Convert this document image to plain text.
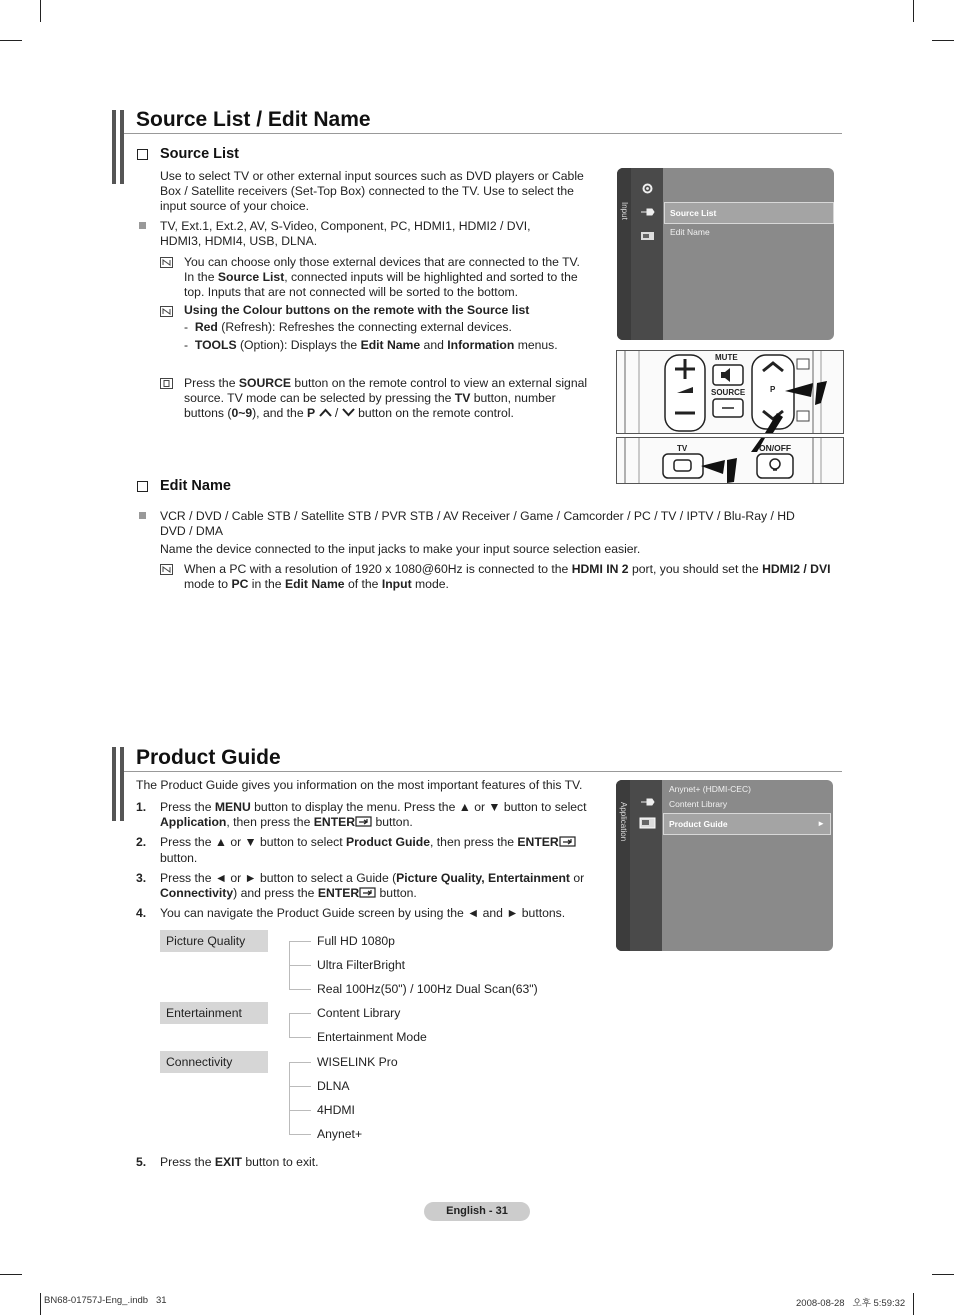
Source List / Edit Name
Source List
Use to select TV or other external input sources such as DVD players or Cable Box / Satellite receivers (Set-Top Box) connected to the TV. Use to select the input source of your choice.
TV, Ext.1, Ext.2, AV, S-Video, Component, PC, HDMI1, HDMI2 / DVI,
HDMI3, HDMI4, USB, DLNA.
You can choose only those external devices that are connected to the TV.
In the Source List, connected inputs will be highlighted and sorted to the
top. Inputs that are not connected will be sorted to the bottom.
Using the Colour buttons on the remote with the Source list
-  Red (Refresh): Refreshes the connecting external devices.
-  TOOLS (Option): Displays the Edit Name and Information menus.
Press the SOURCE button on the remote control to view an external signal
source. TV mode can be selected by pressing the TV button, number
buttons (0~9), and the P  /  button on the remote control.
Input	Source List
Edit Name
MUTE
SOURCE	P
TV	ON/OFF
Edit Name
VCR / DVD / Cable STB / Satellite STB / PVR STB / AV Receiver / Game / Camcorder / PC / TV / IPTV / Blu-Ray / HD
DVD / DMA
Name the device connected to the input jacks to make your input source selection easier.
When a PC with a resolution of 1920 x 1080@60Hz is connected to the HDMI IN 2 port, you should set the HDMI2 / DVI
mode to PC in the Edit Name of the Input mode.
Product Guide
The Product Guide gives you information on the most important features of this TV.
1. Press the MENU button to display the menu. Press the ▲ or ▼ button to select
Application, then press the ENTER button.
2. Press the ▲ or ▼ button to select Product Guide, then press the ENTER
button.
3. Press the ◄ or ► button to select a Guide (Picture Quality, Entertainment or
Connectivity) and press the ENTER button.
4. You can navigate the Product Guide screen by using the ◄ and ► buttons.
Application
Anynet+ (HDMI-CEC)
Content Library
Product Guide	►
Picture Quality	Full HD 1080p
Ultra FilterBright
Real 100Hz(50") / 100Hz Dual Scan(63")
Entertainment	Content Library
Entertainment Mode
Connectivity	WISELINK Pro
DLNA
4HDMI
Anynet+
5. Press the EXIT button to exit.
English - 31
BN68-01757J-Eng_.indb   31	2008-08-28   오후 5:59:32
